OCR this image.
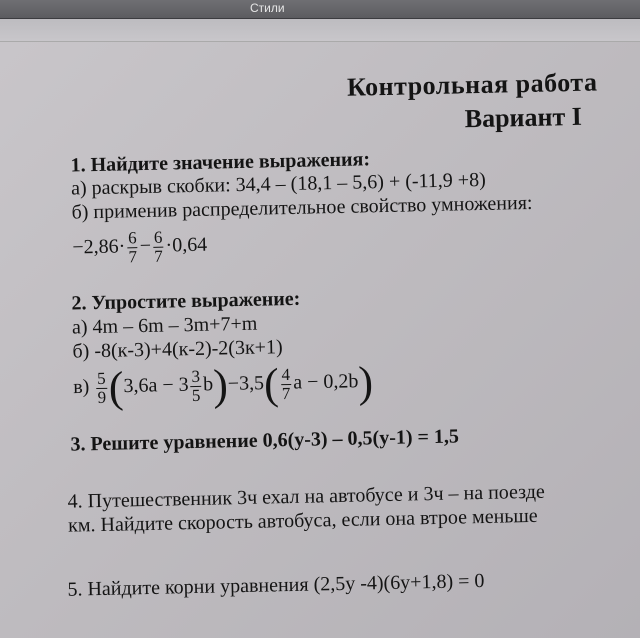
Стили
Контрольная работа
Вариант I
1. Найдите значение выражения:
а) раскрыв скобки: 34,4 – (18,1 – 5,6) + (-11,9 +8)
б) применив распределительное свойство умножения:
$-2,86\cdot \frac{6}{7} - \frac{6}{7} \cdot 0,64$
2. Упростите выражение:
а) 4m – 6m – 3m+7+m
б) -8(к-3)+4(к-2)-2(3к+1)
$в) \frac{5}{9} (3,6a - 3 \frac{3}{5} b)-3,5( \frac{4}{7}$ a − 0,2b)
3. Решите уравнение 0,6(у-3) – 0,5(у-1) = 1,5
4. Путешественник 3ч ехал на автобусе и 3ч – на поезде
км. Найдите скорость автобуса, если она втрое меньше
5. Найдите корни уравнения (2,5у -4)(6у+1,8) = 0
